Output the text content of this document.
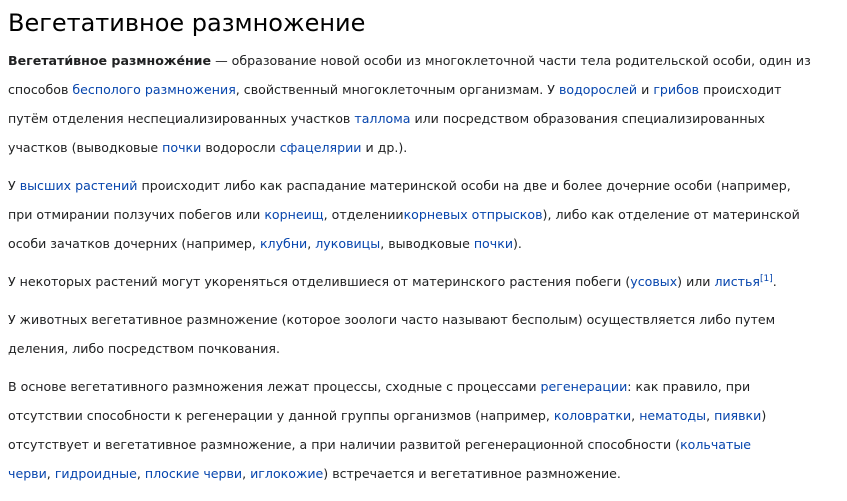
Вегетативное размножение

Вегетати́вное размноже́ние — образование новой особи из многоклеточной части тела родительской особи, один из
способов бесполого размножения, свойственный многоклеточным организмам. У водорослей и грибов происходит
путём отделения неспециализированных участков таллома или посредством образования специализированных
участков (выводковые почки водоросли сфацелярии и др.).

У высших растений происходит либо как распадание материнской особи на две и более дочерние особи (например,
при отмирании ползучих побегов или корнеищ, отделениикорневых отпрысков), либо как отделение от материнской
особи зачатков дочерних (например, клубни, луковицы, выводковые почки).

У некоторых растений могут укореняться отделившиеся от материнского растения побеги (усовых) или листья[1].

У животных вегетативное размножение (которое зоологи часто называют бесполым) осуществляется либо путем
деления, либо посредством почкования.

В основе вегетативного размножения лежат процессы, сходные с процессами регенерации: как правило, при
отсутствии способности к регенерации у данной группы организмов (например, коловратки, нематоды, пиявки)
отсутствует и вегетативное размножение, а при наличии развитой регенерационной способности (кольчатые
черви, гидроидные, плоские черви, иглокожие) встречается и вегетативное размножение.
